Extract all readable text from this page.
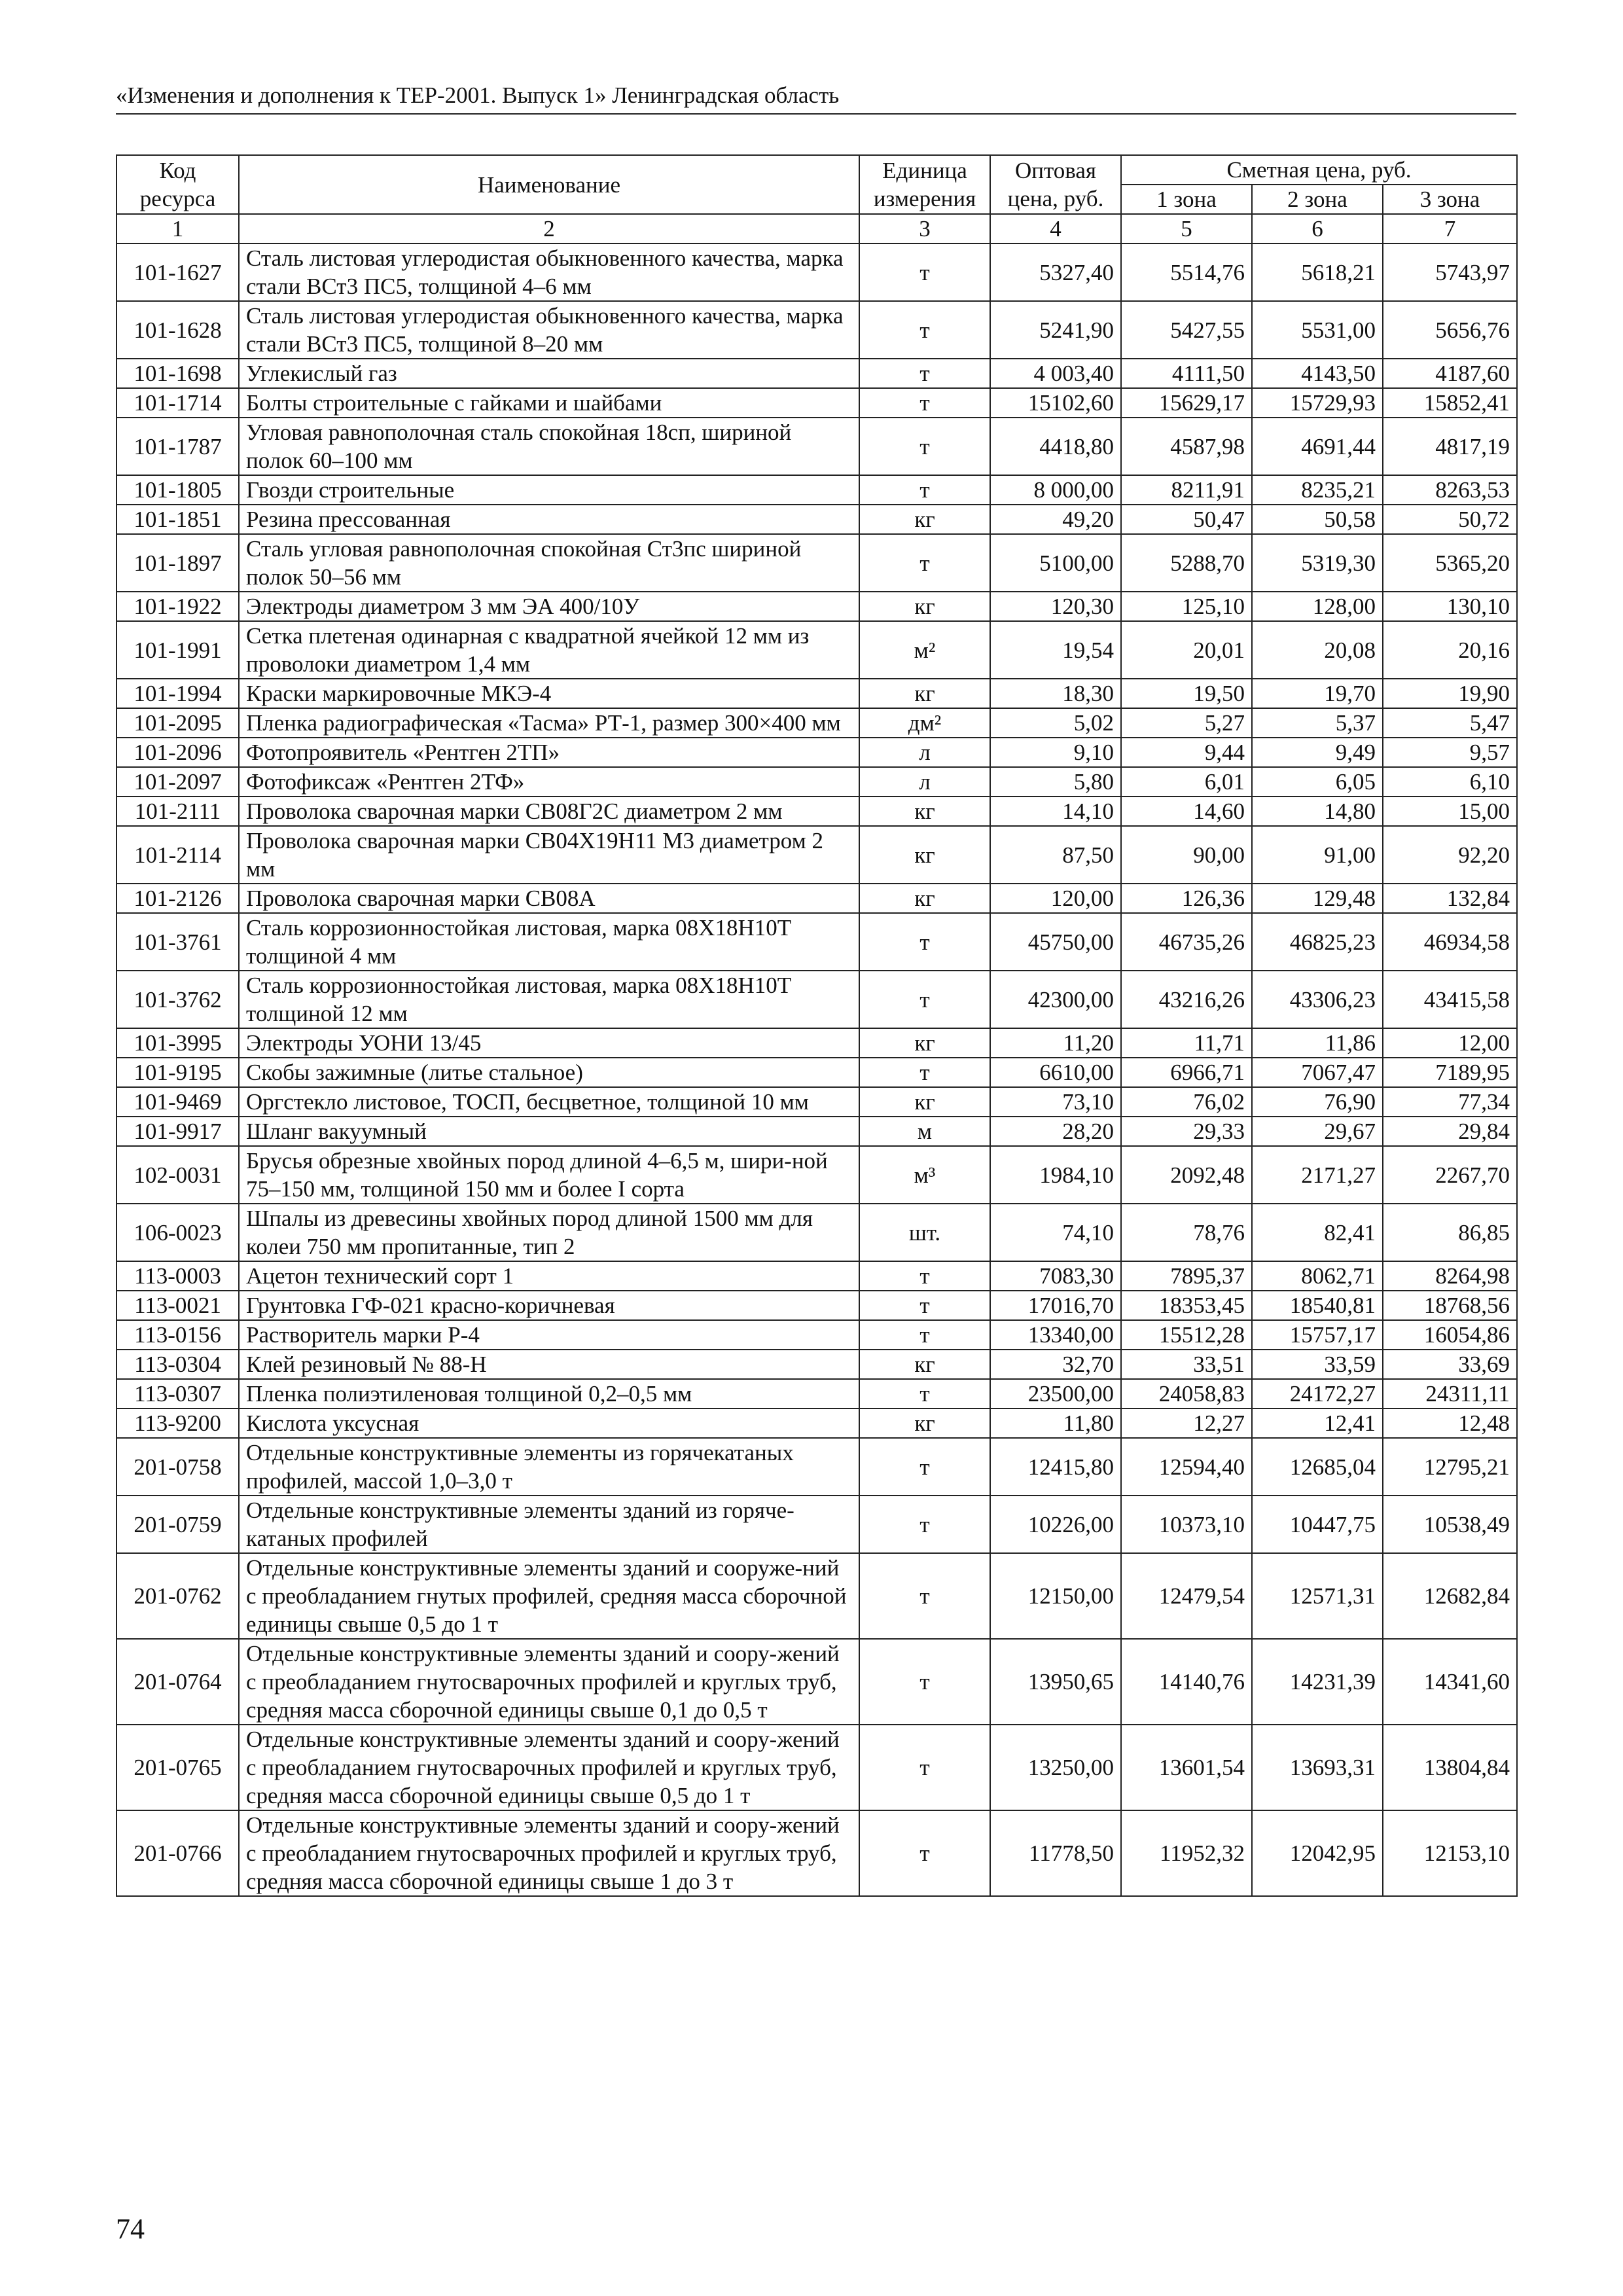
«Изменения и дополнения к ТЕР-2001. Выпуск 1» Ленинградская область
Код ресурса	Наименование	Единица измерения	Оптовая цена, руб.	Сметная цена, руб.		
				1 зона	2 зона	3 зона
1	2	3	4	5	6	7
101-1627	Сталь листовая углеродистая обыкновенного качества, марка стали ВСт3 ПС5, толщиной 4–6 мм	т	5327,40	5514,76	5618,21	5743,97
101-1628	Сталь листовая углеродистая обыкновенного качества, марка стали ВСт3 ПС5, толщиной 8–20 мм	т	5241,90	5427,55	5531,00	5656,76
101-1698	Углекислый газ	т	4 003,40	4111,50	4143,50	4187,60
101-1714	Болты строительные с гайками и шайбами	т	15102,60	15629,17	15729,93	15852,41
101-1787	Угловая равнополочная сталь спокойная 18сп, шириной полок 60–100 мм	т	4418,80	4587,98	4691,44	4817,19
101-1805	Гвозди строительные	т	8 000,00	8211,91	8235,21	8263,53
101-1851	Резина прессованная	кг	49,20	50,47	50,58	50,72
101-1897	Сталь угловая равнополочная спокойная Ст3пс шириной полок 50–56 мм	т	5100,00	5288,70	5319,30	5365,20
101-1922	Электроды диаметром 3 мм ЭА 400/10У	кг	120,30	125,10	128,00	130,10
101-1991	Сетка плетеная одинарная с квадратной ячейкой 12 мм из проволоки диаметром 1,4 мм	м²	19,54	20,01	20,08	20,16
101-1994	Краски маркировочные МКЭ-4	кг	18,30	19,50	19,70	19,90
101-2095	Пленка радиографическая «Тасма» РТ-1, размер 300×400 мм	дм²	5,02	5,27	5,37	5,47
101-2096	Фотопроявитель «Рентген 2ТП»	л	9,10	9,44	9,49	9,57
101-2097	Фотофиксаж «Рентген 2ТФ»	л	5,80	6,01	6,05	6,10
101-2111	Проволока сварочная марки СВ08Г2С диаметром 2 мм	кг	14,10	14,60	14,80	15,00
101-2114	Проволока сварочная марки СВ04Х19Н11 М3 диаметром 2 мм	кг	87,50	90,00	91,00	92,20
101-2126	Проволока сварочная марки СВ08А	кг	120,00	126,36	129,48	132,84
101-3761	Сталь коррозионностойкая листовая, марка 08Х18Н10Т толщиной 4 мм	т	45750,00	46735,26	46825,23	46934,58
101-3762	Сталь коррозионностойкая листовая, марка 08Х18Н10Т толщиной 12 мм	т	42300,00	43216,26	43306,23	43415,58
101-3995	Электроды УОНИ 13/45	кг	11,20	11,71	11,86	12,00
101-9195	Скобы зажимные (литье стальное)	т	6610,00	6966,71	7067,47	7189,95
101-9469	Оргстекло листовое, ТОСП, бесцветное, толщиной 10 мм	кг	73,10	76,02	76,90	77,34
101-9917	Шланг вакуумный	м	28,20	29,33	29,67	29,84
102-0031	Брусья обрезные хвойных пород длиной 4–6,5 м, шири-ной 75–150 мм, толщиной 150 мм и более I сорта	м³	1984,10	2092,48	2171,27	2267,70
106-0023	Шпалы из древесины хвойных пород длиной 1500 мм для колеи 750 мм пропитанные, тип 2	шт.	74,10	78,76	82,41	86,85
113-0003	Ацетон технический сорт 1	т	7083,30	7895,37	8062,71	8264,98
113-0021	Грунтовка ГФ-021 красно-коричневая	т	17016,70	18353,45	18540,81	18768,56
113-0156	Растворитель марки Р-4	т	13340,00	15512,28	15757,17	16054,86
113-0304	Клей резиновый № 88-Н	кг	32,70	33,51	33,59	33,69
113-0307	Пленка полиэтиленовая толщиной 0,2–0,5 мм	т	23500,00	24058,83	24172,27	24311,11
113-9200	Кислота уксусная	кг	11,80	12,27	12,41	12,48
201-0758	Отдельные конструктивные элементы из горячекатаных профилей, массой 1,0–3,0 т	т	12415,80	12594,40	12685,04	12795,21
201-0759	Отдельные конструктивные элементы зданий из горяче-катаных профилей	т	10226,00	10373,10	10447,75	10538,49
201-0762	Отдельные конструктивные элементы зданий и сооруже-ний с преобладанием гнутых профилей, средняя масса сборочной единицы свыше 0,5 до 1 т	т	12150,00	12479,54	12571,31	12682,84
201-0764	Отдельные конструктивные элементы зданий и соору-жений с преобладанием гнутосварочных профилей и круглых труб, средняя масса сборочной единицы свыше 0,1 до 0,5 т	т	13950,65	14140,76	14231,39	14341,60
201-0765	Отдельные конструктивные элементы зданий и соору-жений с преобладанием гнутосварочных профилей и круглых труб, средняя масса сборочной единицы свыше 0,5 до 1 т	т	13250,00	13601,54	13693,31	13804,84
201-0766	Отдельные конструктивные элементы зданий и соору-жений с преобладанием гнутосварочных профилей и круглых труб, средняя масса сборочной единицы свыше 1 до 3 т	т	11778,50	11952,32	12042,95	12153,10
74
